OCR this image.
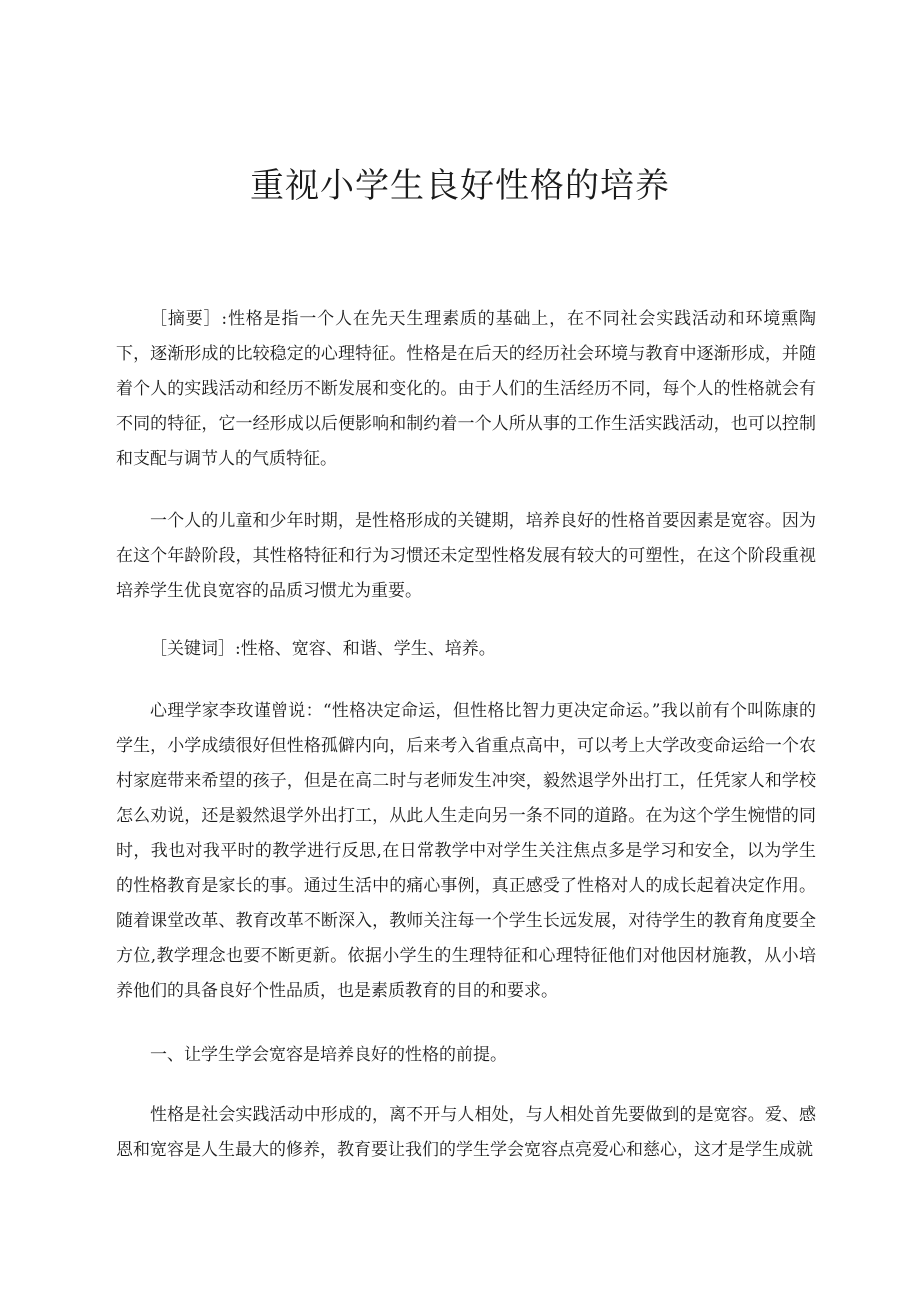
重视小学生良好性格的培养

［摘要］:性格是指一个人在先天生理素质的基础上，在不同社会实践活动和环境熏陶下，逐渐形成的比较稳定的心理特征。性格是在后天的经历社会环境与教育中逐渐形成，并随着个人的实践活动和经历不断发展和变化的。由于人们的生活经历不同，每个人的性格就会有不同的特征，它一经形成以后便影响和制约着一个人所从事的工作生活实践活动，也可以控制和支配与调节人的气质特征。

一个人的儿童和少年时期，是性格形成的关键期，培养良好的性格首要因素是宽容。因为在这个年龄阶段，其性格特征和行为习惯还未定型性格发展有较大的可塑性，在这个阶段重视培养学生优良宽容的品质习惯尤为重要。

［关键词］:性格、宽容、和谐、学生、培养。

心理学家李玫谨曾说：“性格决定命运，但性格比智力更决定命运。”我以前有个叫陈康的学生，小学成绩很好但性格孤僻内向，后来考入省重点高中，可以考上大学改变命运给一个农村家庭带来希望的孩子，但是在高二时与老师发生冲突，毅然退学外出打工，任凭家人和学校怎么劝说，还是毅然退学外出打工，从此人生走向另一条不同的道路。在为这个学生惋惜的同时，我也对我平时的教学进行反思,在日常教学中对学生关注焦点多是学习和安全，以为学生的性格教育是家长的事。通过生活中的痛心事例，真正感受了性格对人的成长起着决定作用。随着课堂改革、教育改革不断深入，教师关注每一个学生长远发展，对待学生的教育角度要全方位,教学理念也要不断更新。依据小学生的生理特征和心理特征他们对他因材施教，从小培养他们的具备良好个性品质，也是素质教育的目的和要求。

一、让学生学会宽容是培养良好的性格的前提。

性格是社会实践活动中形成的，离不开与人相处，与人相处首先要做到的是宽容。爱、感恩和宽容是人生最大的修养，教育要让我们的学生学会宽容点亮爱心和慈心，这才是学生成就
